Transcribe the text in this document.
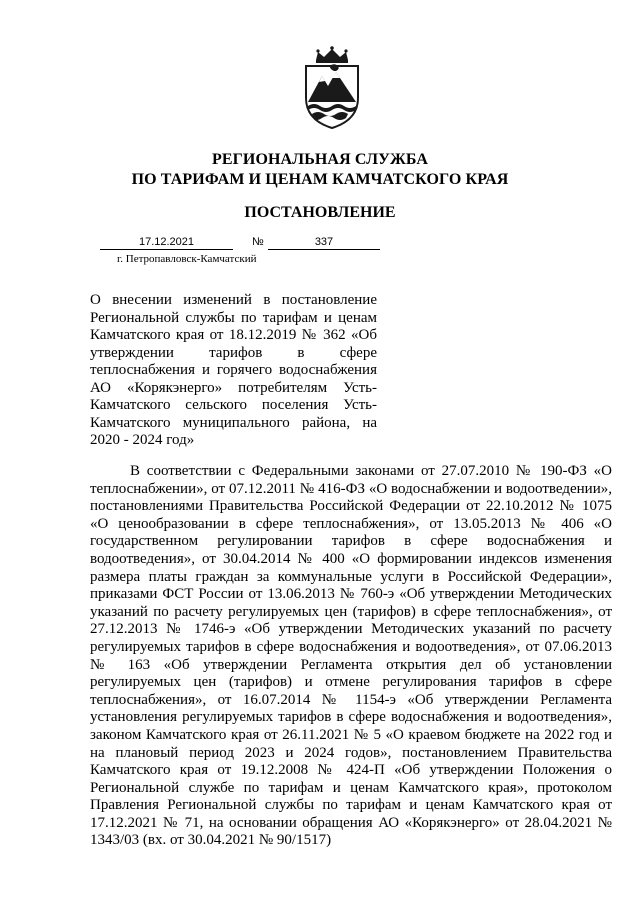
РЕГИОНАЛЬНАЯ СЛУЖБА
ПО ТАРИФАМ И ЦЕНАМ КАМЧАТСКОГО КРАЯ
ПОСТАНОВЛЕНИЕ
17.12.2021	№	337
г. Петропавловск-Камчатский
О внесении изменений в постановление Региональной службы по тарифам и ценам Камчатского края от 18.12.2019 № 362 «Об утверждении тарифов в сфере теплоснабжения и горячего водоснабжения АО «Корякэнерго» потребителям Усть-Камчатского сельского поселения Усть-Камчатского муниципального района, на 2020 - 2024 год»

В соответствии с Федеральными законами от 27.07.2010 № 190-ФЗ «О теплоснабжении», от 07.12.2011 № 416-ФЗ «О водоснабжении и водоотведении», постановлениями Правительства Российской Федерации от 22.10.2012 № 1075 «О ценообразовании в сфере теплоснабжения», от 13.05.2013 № 406 «О государственном регулировании тарифов в сфере водоснабжения и водоотведения», от 30.04.2014 № 400 «О формировании индексов изменения размера платы граждан за коммунальные услуги в Российской Федерации», приказами ФСТ России от 13.06.2013 № 760-э «Об утверждении Методических указаний по расчету регулируемых цен (тарифов) в сфере теплоснабжения», от 27.12.2013 № 1746-э «Об утверждении Методических указаний по расчету регулируемых тарифов в сфере водоснабжения и водоотведения», от 07.06.2013 № 163 «Об утверждении Регламента открытия дел об установлении регулируемых цен (тарифов) и отмене регулирования тарифов в сфере теплоснабжения», от 16.07.2014 № 1154-э «Об утверждении Регламента установления регулируемых тарифов в сфере водоснабжения и водоотведения», законом Камчатского края от 26.11.2021 № 5 «О краевом бюджете на 2022 год и на плановый период 2023 и 2024 годов», постановлением Правительства Камчатского края от 19.12.2008 № 424-П «Об утверждении Положения о Региональной службе по тарифам и ценам Камчатского края», протоколом Правления Региональной службы по тарифам и ценам Камчатского края от 17.12.2021 № 71, на основании обращения АО «Корякэнерго» от 28.04.2021 № 1343/03 (вх. от 30.04.2021 № 90/1517)
